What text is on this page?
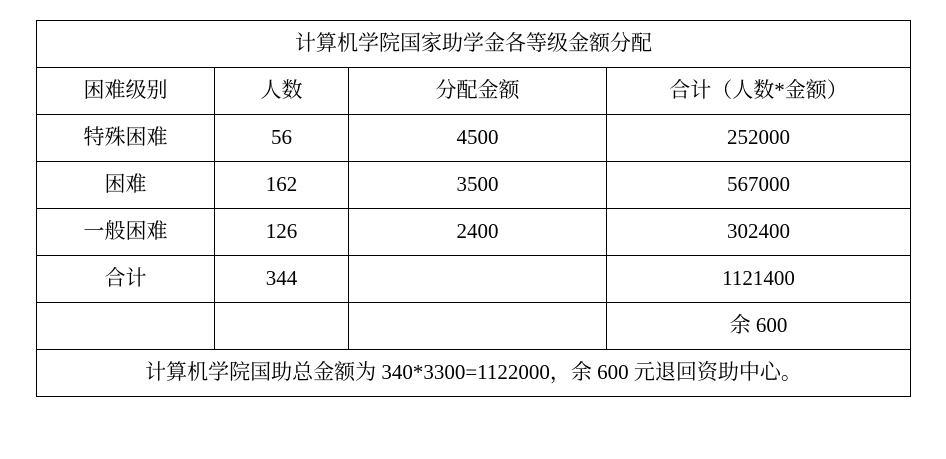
计算机学院国家助学金各等级金额分配			
困难级别	人数	分配金额	合计（人数*金额）
特殊困难	56	4500	252000
困难	162	3500	567000
一般困难	126	2400	302400
合计	344		1121400
			余 600
计算机学院国助总金额为 340*3300=1122000，余 600 元退回资助中心。			
